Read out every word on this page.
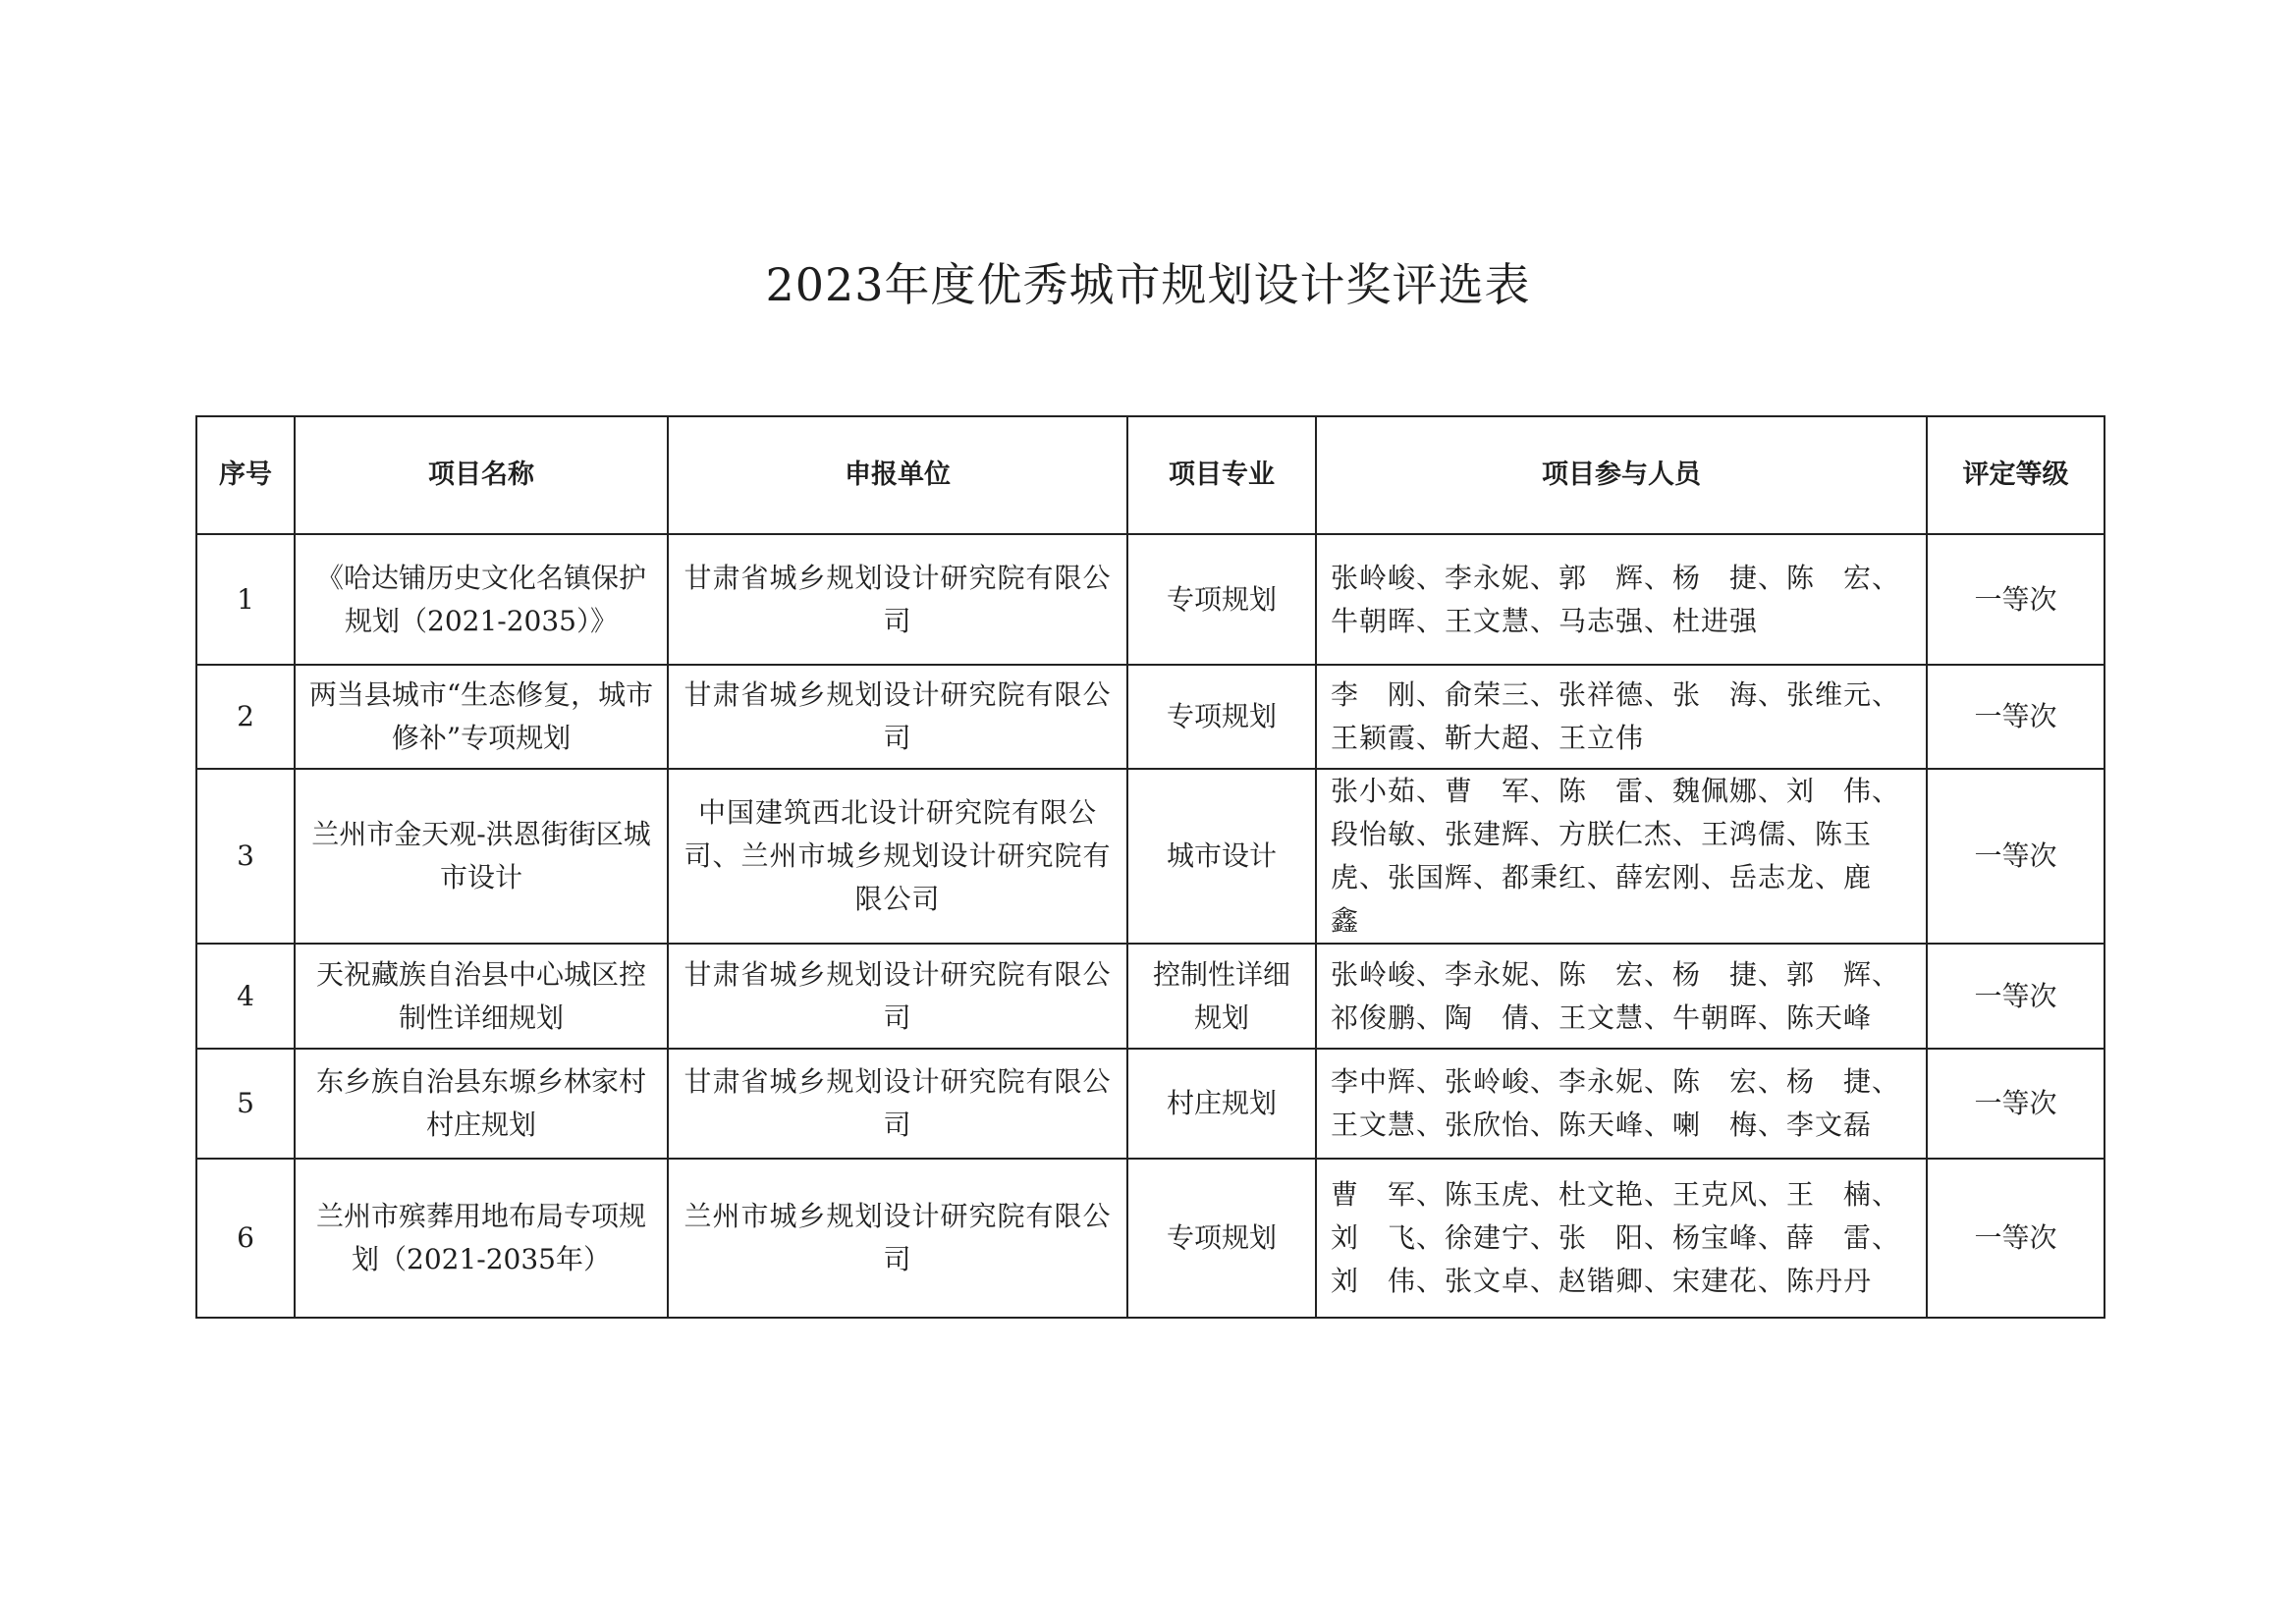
2023年度优秀城市规划设计奖评选表
序号	项目名称	申报单位	项目专业	项目参与人员	评定等级
1	《哈达铺历史文化名镇保护规划（2021-2035）》	甘肃省城乡规划设计研究院有限公司	专项规划	张岭峻、李永妮、郭　辉、杨　捷、陈　宏、牛朝晖、王文慧、马志强、杜进强	一等次
2	两当县城市“生态修复，城市修补”专项规划	甘肃省城乡规划设计研究院有限公司	专项规划	李　刚、俞荣三、张祥德、张　海、张维元、王颖霞、靳大超、王立伟	一等次
3	兰州市金天观-洪恩街街区城市设计	中国建筑西北设计研究院有限公司、兰州市城乡规划设计研究院有限公司	城市设计	张小茹、曹　军、陈　雷、魏佩娜、刘　伟、段怡敏、张建辉、方朕仁杰、王鸿儒、陈玉虎、张国辉、都秉红、薛宏刚、岳志龙、鹿　鑫	一等次
4	天祝藏族自治县中心城区控制性详细规划	甘肃省城乡规划设计研究院有限公司	控制性详细规划	张岭峻、李永妮、陈　宏、杨　捷、郭　辉、祁俊鹏、陶　倩、王文慧、牛朝晖、陈天峰	一等次
5	东乡族自治县东塬乡林家村村庄规划	甘肃省城乡规划设计研究院有限公司	村庄规划	李中辉、张岭峻、李永妮、陈　宏、杨　捷、王文慧、张欣怡、陈天峰、喇　梅、李文磊	一等次
6	兰州市殡葬用地布局专项规划（2021-2035年）	兰州市城乡规划设计研究院有限公司	专项规划	曹　军、陈玉虎、杜文艳、王克风、王　楠、刘　飞、徐建宁、张　阳、杨宝峰、薛　雷、刘　伟、张文卓、赵锴卿、宋建花、陈丹丹	一等次
